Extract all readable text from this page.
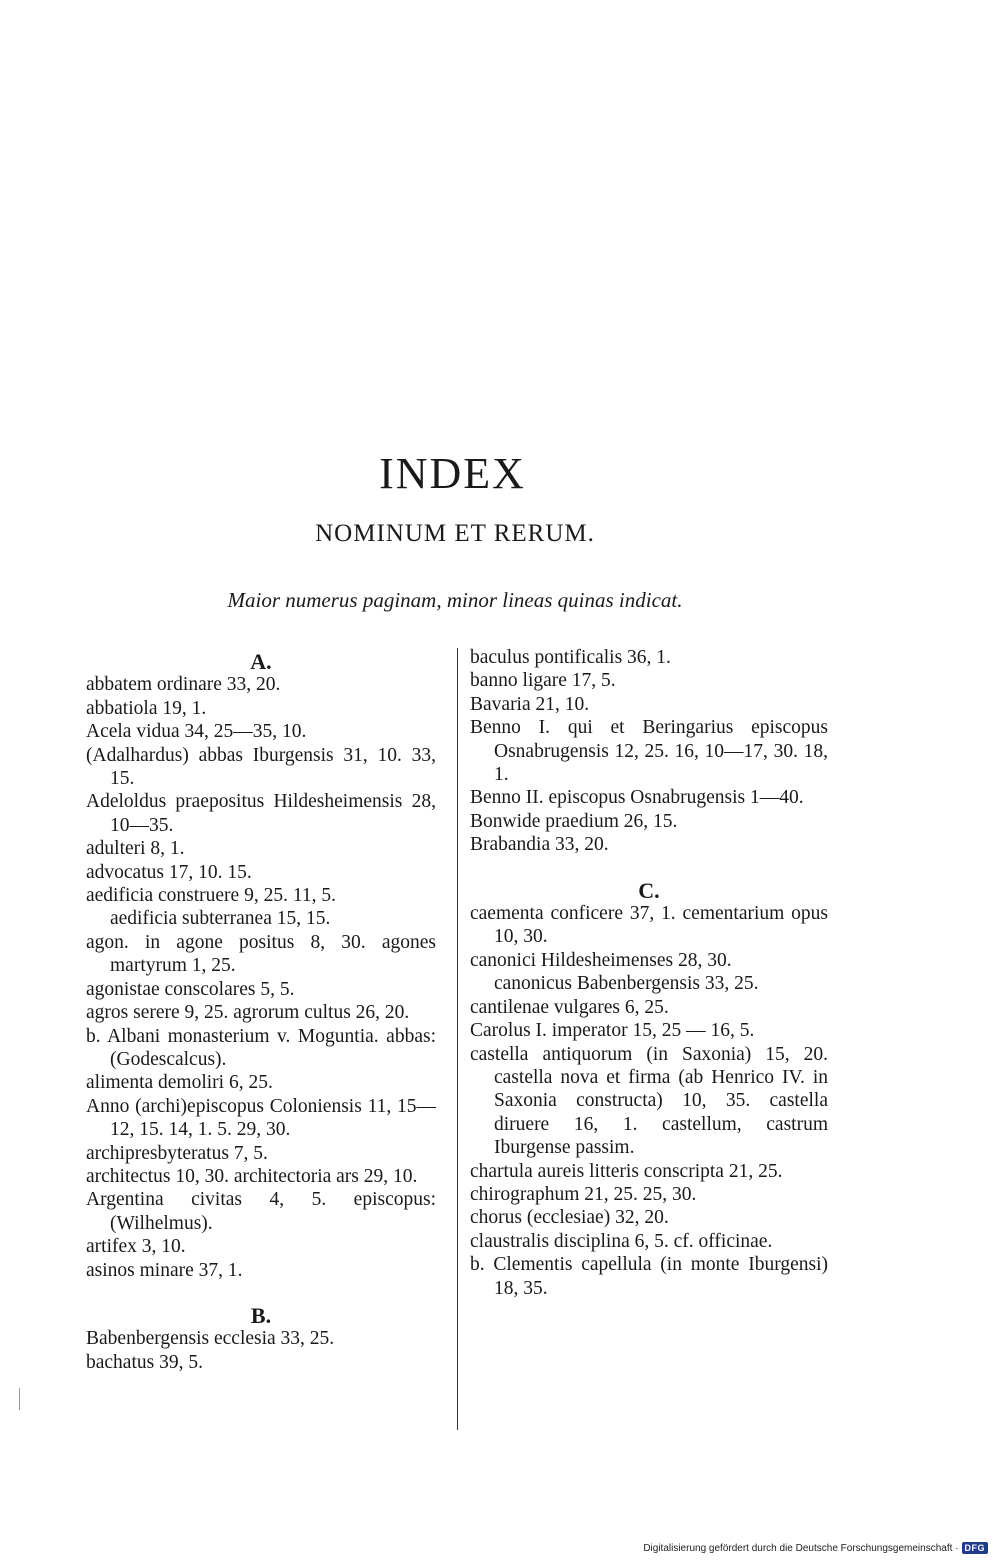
INDEX
NOMINUM ET RERUM.
Maior numerus paginam, minor lineas quinas indicat.
A.

abbatem ordinare 33, 20.

abbatiola 19, 1.

Acela vidua 34, 25—35, 10.

(Adalhardus) abbas Iburgensis 31, 10. 33, 15.

Adeloldus praepositus Hildesheimensis 28, 10—35.

adulteri 8, 1.

advocatus 17, 10. 15.

aedificia construere 9, 25. 11, 5.

aedificia subterranea 15, 15.

agon. in agone positus 8, 30. agones martyrum 1, 25.

agonistae conscolares 5, 5.

agros serere 9, 25. agrorum cultus 26, 20.

b. Albani monasterium v. Moguntia. abbas: (Godescalcus).

alimenta demoliri 6, 25.

Anno (archi)episcopus Coloniensis 11, 15—12, 15. 14, 1. 5. 29, 30.

archipresbyteratus 7, 5.

architectus 10, 30. architectoria ars 29, 10.

Argentina civitas 4, 5. episcopus: (Wilhelmus).

artifex 3, 10.

asinos minare 37, 1.

B.

Babenbergensis ecclesia 33, 25.

bachatus 39, 5.

baculus pontificalis 36, 1.

banno ligare 17, 5.

Bavaria 21, 10.

Benno I. qui et Beringarius episcopus Osnabrugensis 12, 25. 16, 10—17, 30. 18, 1.

Benno II. episcopus Osnabrugensis 1—40.

Bonwide praedium 26, 15.

Brabandia 33, 20.

C.

caementa conficere 37, 1. cementarium opus 10, 30.

canonici Hildesheimenses 28, 30.

canonicus Babenbergensis 33, 25.

cantilenae vulgares 6, 25.

Carolus I. imperator 15, 25 — 16, 5.

castella antiquorum (in Saxonia) 15, 20. castella nova et firma (ab Henrico IV. in Saxonia constructa) 10, 35. castella diruere 16, 1. castellum, castrum Iburgense passim.

chartula aureis litteris conscripta 21, 25.

chirographum 21, 25. 25, 30.

chorus (ecclesiae) 32, 20.

claustralis disciplina 6, 5. cf. officinae.

b. Clementis capellula (in monte Iburgensi) 18, 35.

Digitalisierung gefördert durch die Deutsche Forschungsgemeinschaft · DFG
